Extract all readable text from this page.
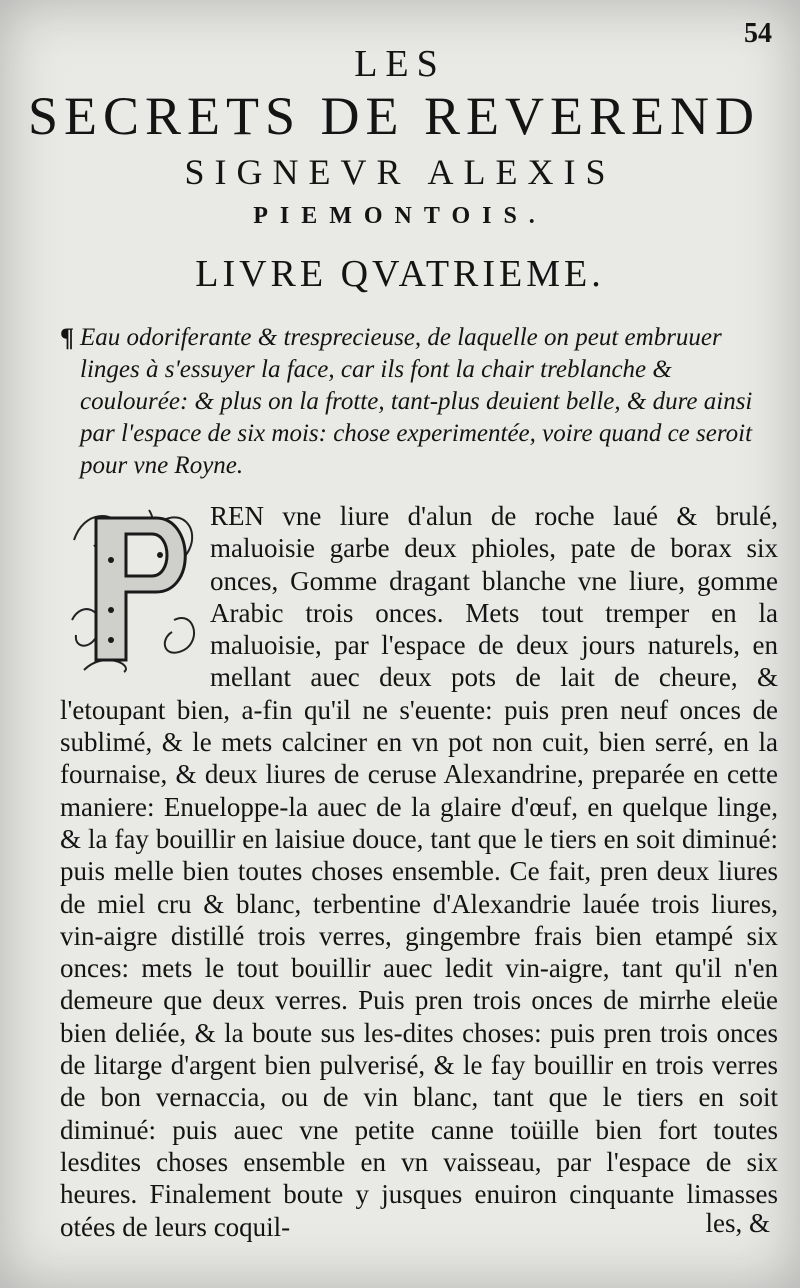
54
LES
SECRETS DE REVEREND
SIGNEVR ALEXIS
PIEMONTOIS.
LIVRE QVATRIEME.
¶ Eau odoriferante & tresprecieuse, de laquelle on peut embruuer linges à s'essuyer la face, car ils font la chair treblanche & coulourée: & plus on la frotte, tant-plus deuient belle, & dure ainsi par l'espace de six mois: chose experimentée, voire quand ce seroit pour vne Royne.

REN vne liure d'alun de roche laué & brulé, maluoisie garbe deux phioles, pate de borax six onces, Gomme dragant blanche vne liure, gomme Arabic trois onces. Mets tout tremper en la maluoisie, par l'espace de deux jours naturels, en mellant auec deux pots de lait de cheure, & l'etoupant bien, a-fin qu'il ne s'euente: puis pren neuf onces de sublimé, & le mets calciner en vn pot non cuit, bien serré, en la fournaise, & deux liures de ceruse Alexandrine, preparée en cette maniere: Enueloppe-la auec de la glaire d'œuf, en quelque linge, & la fay bouillir en laisiue douce, tant que le tiers en soit diminué: puis melle bien toutes choses ensemble. Ce fait, pren deux liures de miel cru & blanc, terbentine d'Alexandrie lauée trois liures, vin-aigre distillé trois verres, gingembre frais bien etampé six onces: mets le tout bouillir auec ledit vin-aigre, tant qu'il n'en demeure que deux verres. Puis pren trois onces de mirrhe eleüe bien deliée, & la boute sus les-dites choses: puis pren trois onces de litarge d'argent bien pulverisé, & le fay bouillir en trois verres de bon vernaccia, ou de vin blanc, tant que le tiers en soit diminué: puis auec vne petite canne toüille bien fort toutes lesdites choses ensemble en vn vaisseau, par l'espace de six heures. Finalement boute y jusques enuiron cinquante limasses otées de leurs coquil-	les, &
